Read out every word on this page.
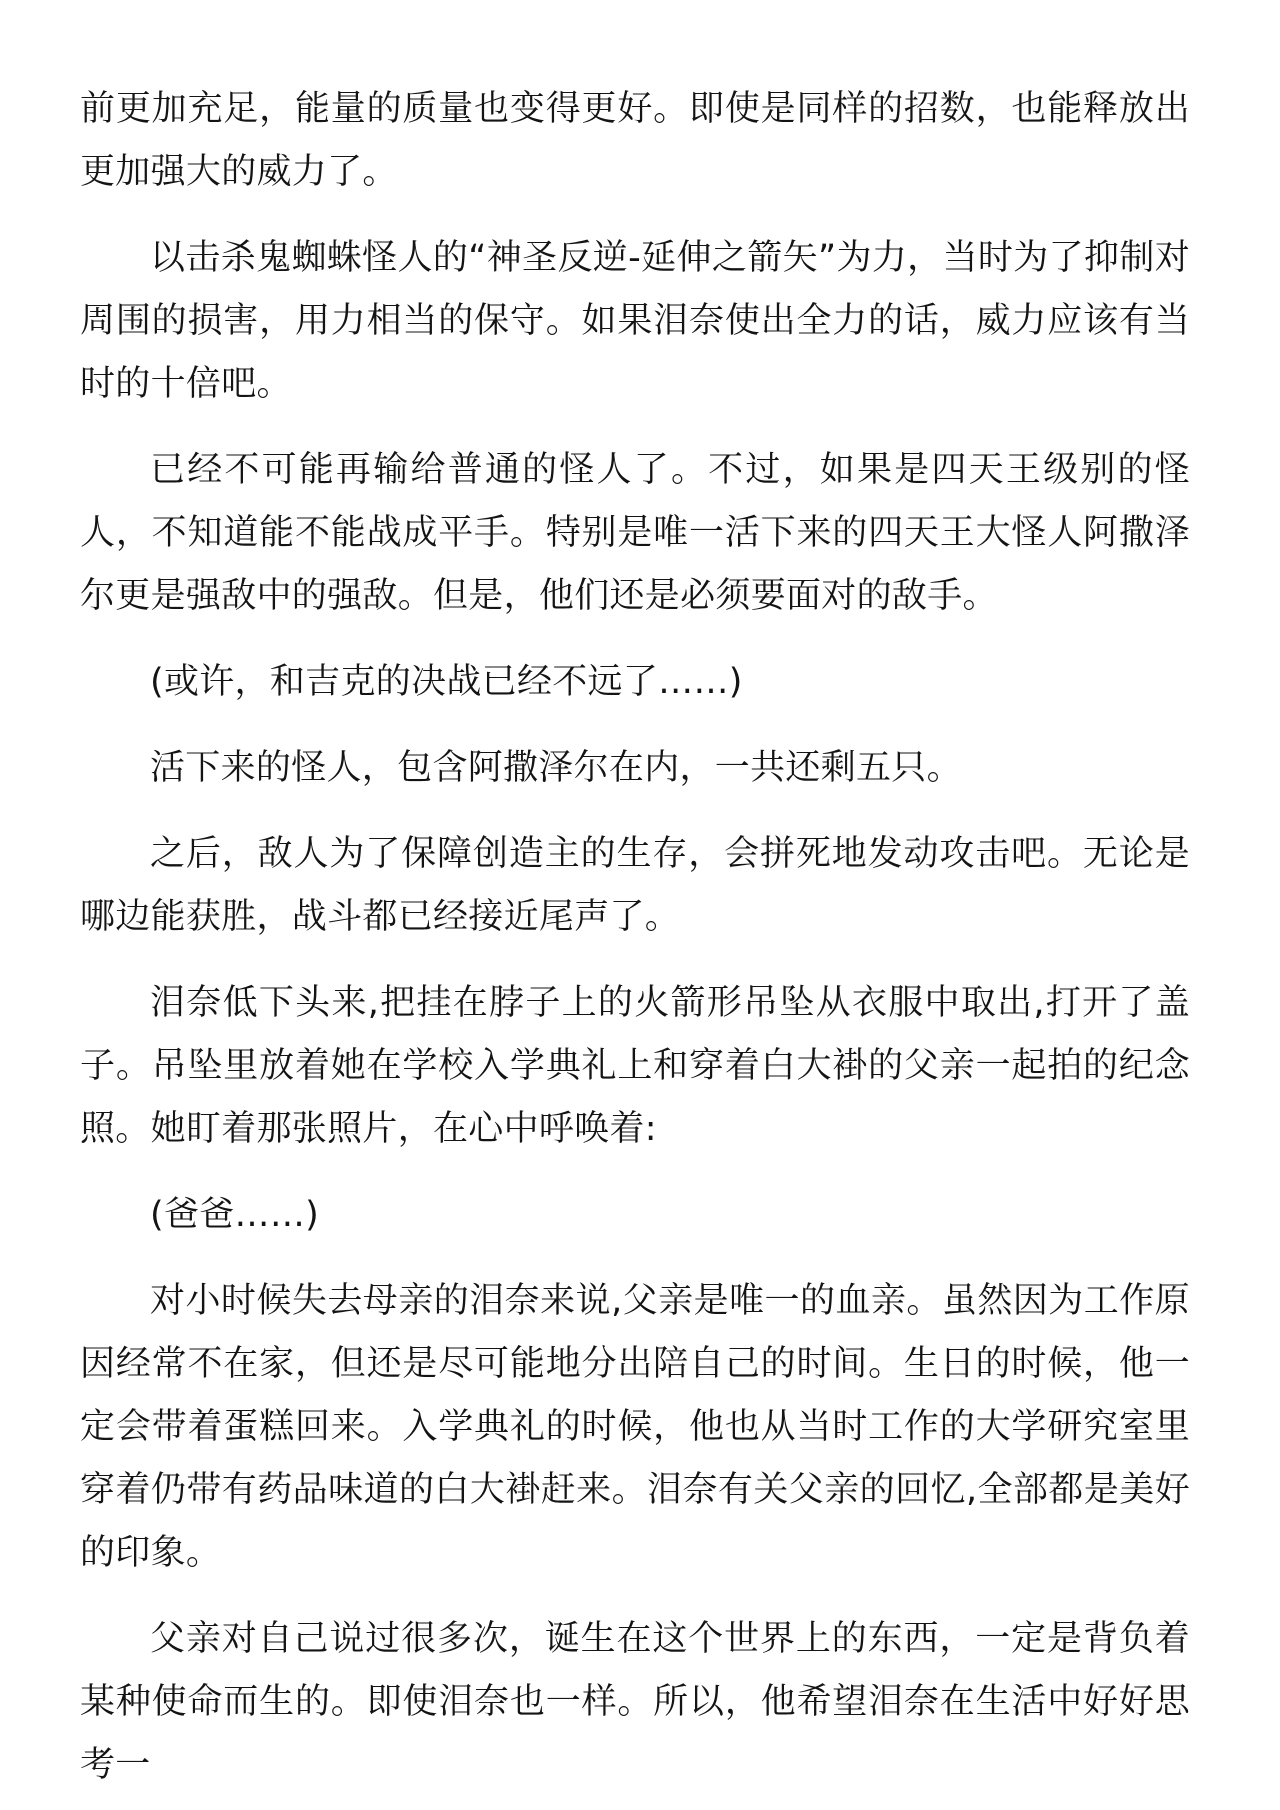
前更加充足，能量的质量也变得更好。即使是同样的招数，也能释放出更加强大的威力了。

以击杀鬼蜘蛛怪人的“神圣反逆-延伸之箭矢”为力，当时为了抑制对周围的损害，用力相当的保守。如果泪奈使出全力的话，威力应该有当时的十倍吧。

已经不可能再输给普通的怪人了。不过，如果是四天王级别的怪人，不知道能不能战成平手。特别是唯一活下来的四天王大怪人阿撒泽尔更是强敌中的强敌。但是，他们还是必须要面对的敌手。

(或许，和吉克的决战已经不远了……)

活下来的怪人，包含阿撒泽尔在内，一共还剩五只。

之后，敌人为了保障创造主的生存，会拼死地发动攻击吧。无论是哪边能获胜，战斗都已经接近尾声了。

泪奈低下头来,把挂在脖子上的火箭形吊坠从衣服中取出,打开了盖子。吊坠里放着她在学校入学典礼上和穿着白大褂的父亲一起拍的纪念照。她盯着那张照片，在心中呼唤着:

(爸爸……)

对小时候失去母亲的泪奈来说,父亲是唯一的血亲。虽然因为工作原因经常不在家，但还是尽可能地分出陪自己的时间。生日的时候，他一定会带着蛋糕回来。入学典礼的时候，他也从当时工作的大学研究室里穿着仍带有药品味道的白大褂赶来。泪奈有关父亲的回忆,全部都是美好的印象。

父亲对自己说过很多次，诞生在这个世界上的东西，一定是背负着某种使命而生的。即使泪奈也一样。所以，他希望泪奈在生活中好好思考一
